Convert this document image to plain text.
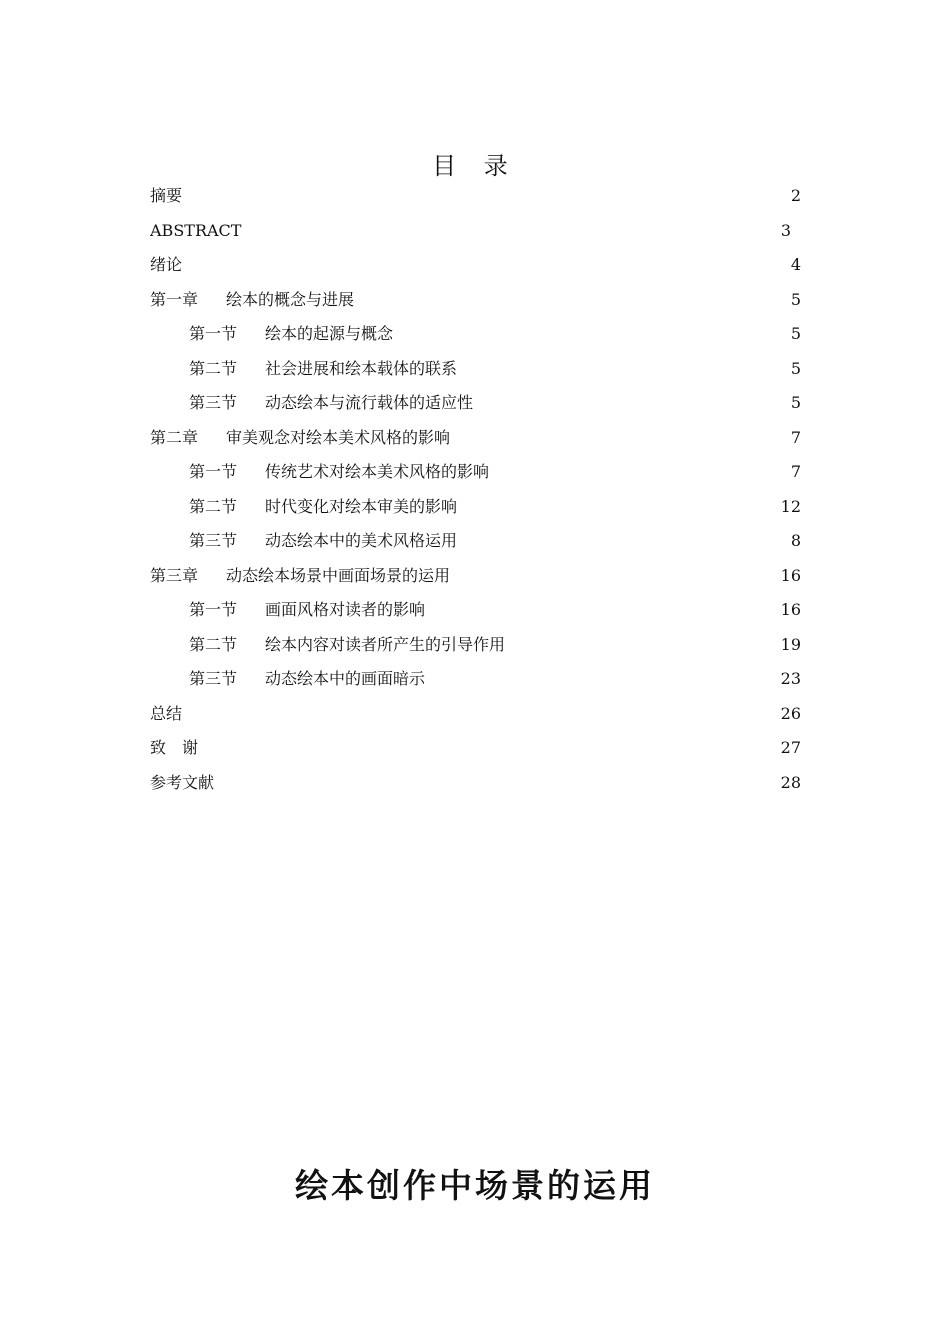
目 录
.....
摘要	2
.....
ABSTRACT	3
.....
绪论	4
.....
第一章 绘本的概念与进展	5
.....
第一节 绘本的起源与概念	5
.....
第二节 社会进展和绘本载体的联系	5
.....
第三节 动态绘本与流行载体的适应性	5
.....
第二章 审美观念对绘本美术风格的影响	7
.....
第一节 传统艺术对绘本美术风格的影响	7
.....
第二节 时代变化对绘本审美的影响	12
.....
第三节 动态绘本中的美术风格运用	8
.....
第三章 动态绘本场景中画面场景的运用	16
.....
第一节 画面风格对读者的影响	16
.....
第二节 绘本内容对读者所产生的引导作用	19
.....
第三节 动态绘本中的画面暗示	23
.....
总结	26
.....
致　谢	27
.....
参考文献	28
绘本创作中场景的运用
